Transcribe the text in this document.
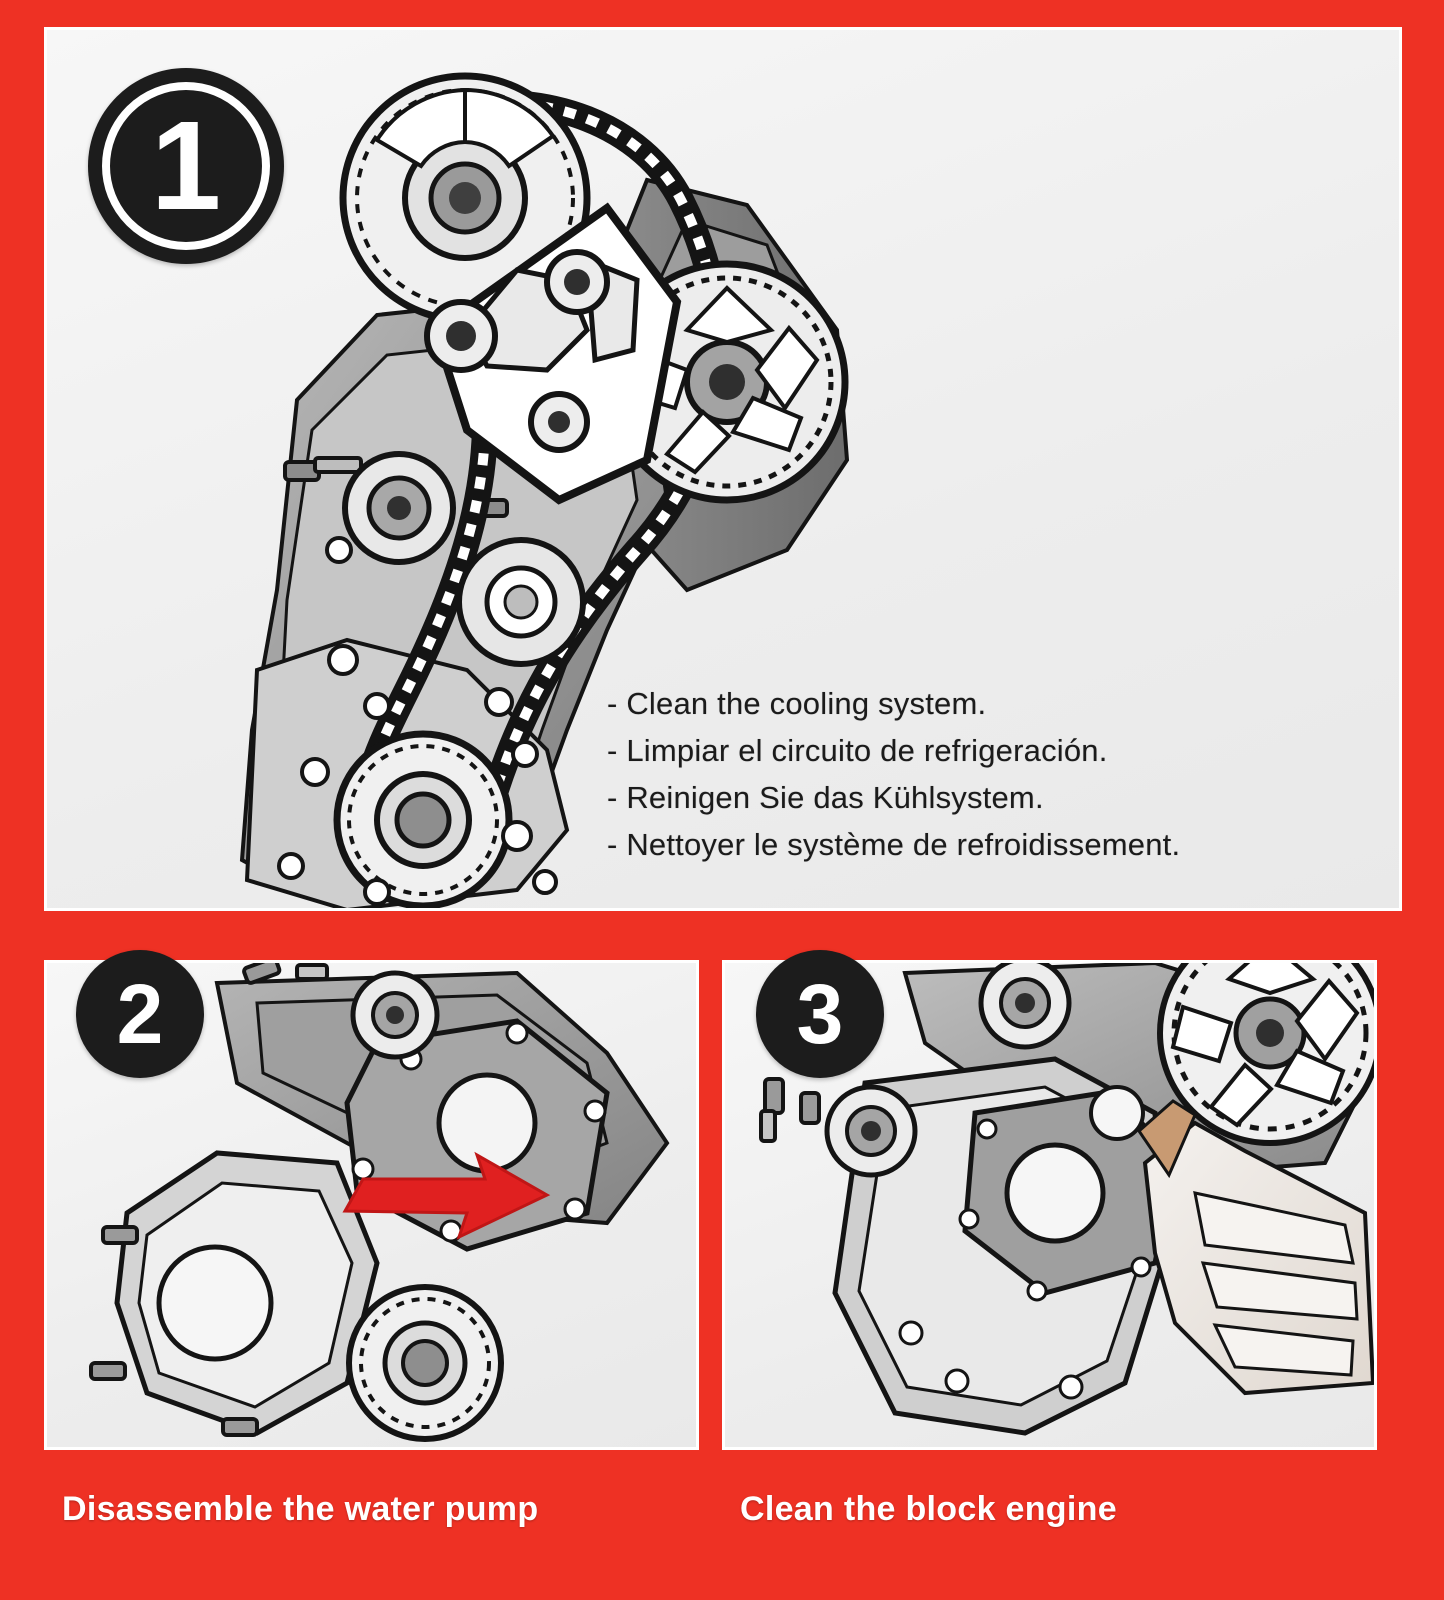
- Clean the cooling system.
- Limpiar el circuito de refrigeración.
- Reinigen Sie das Kühlsystem.
- Nettoyer le système de refroidissement.
1
2	3
Disassemble the water pump	Clean the block engine
